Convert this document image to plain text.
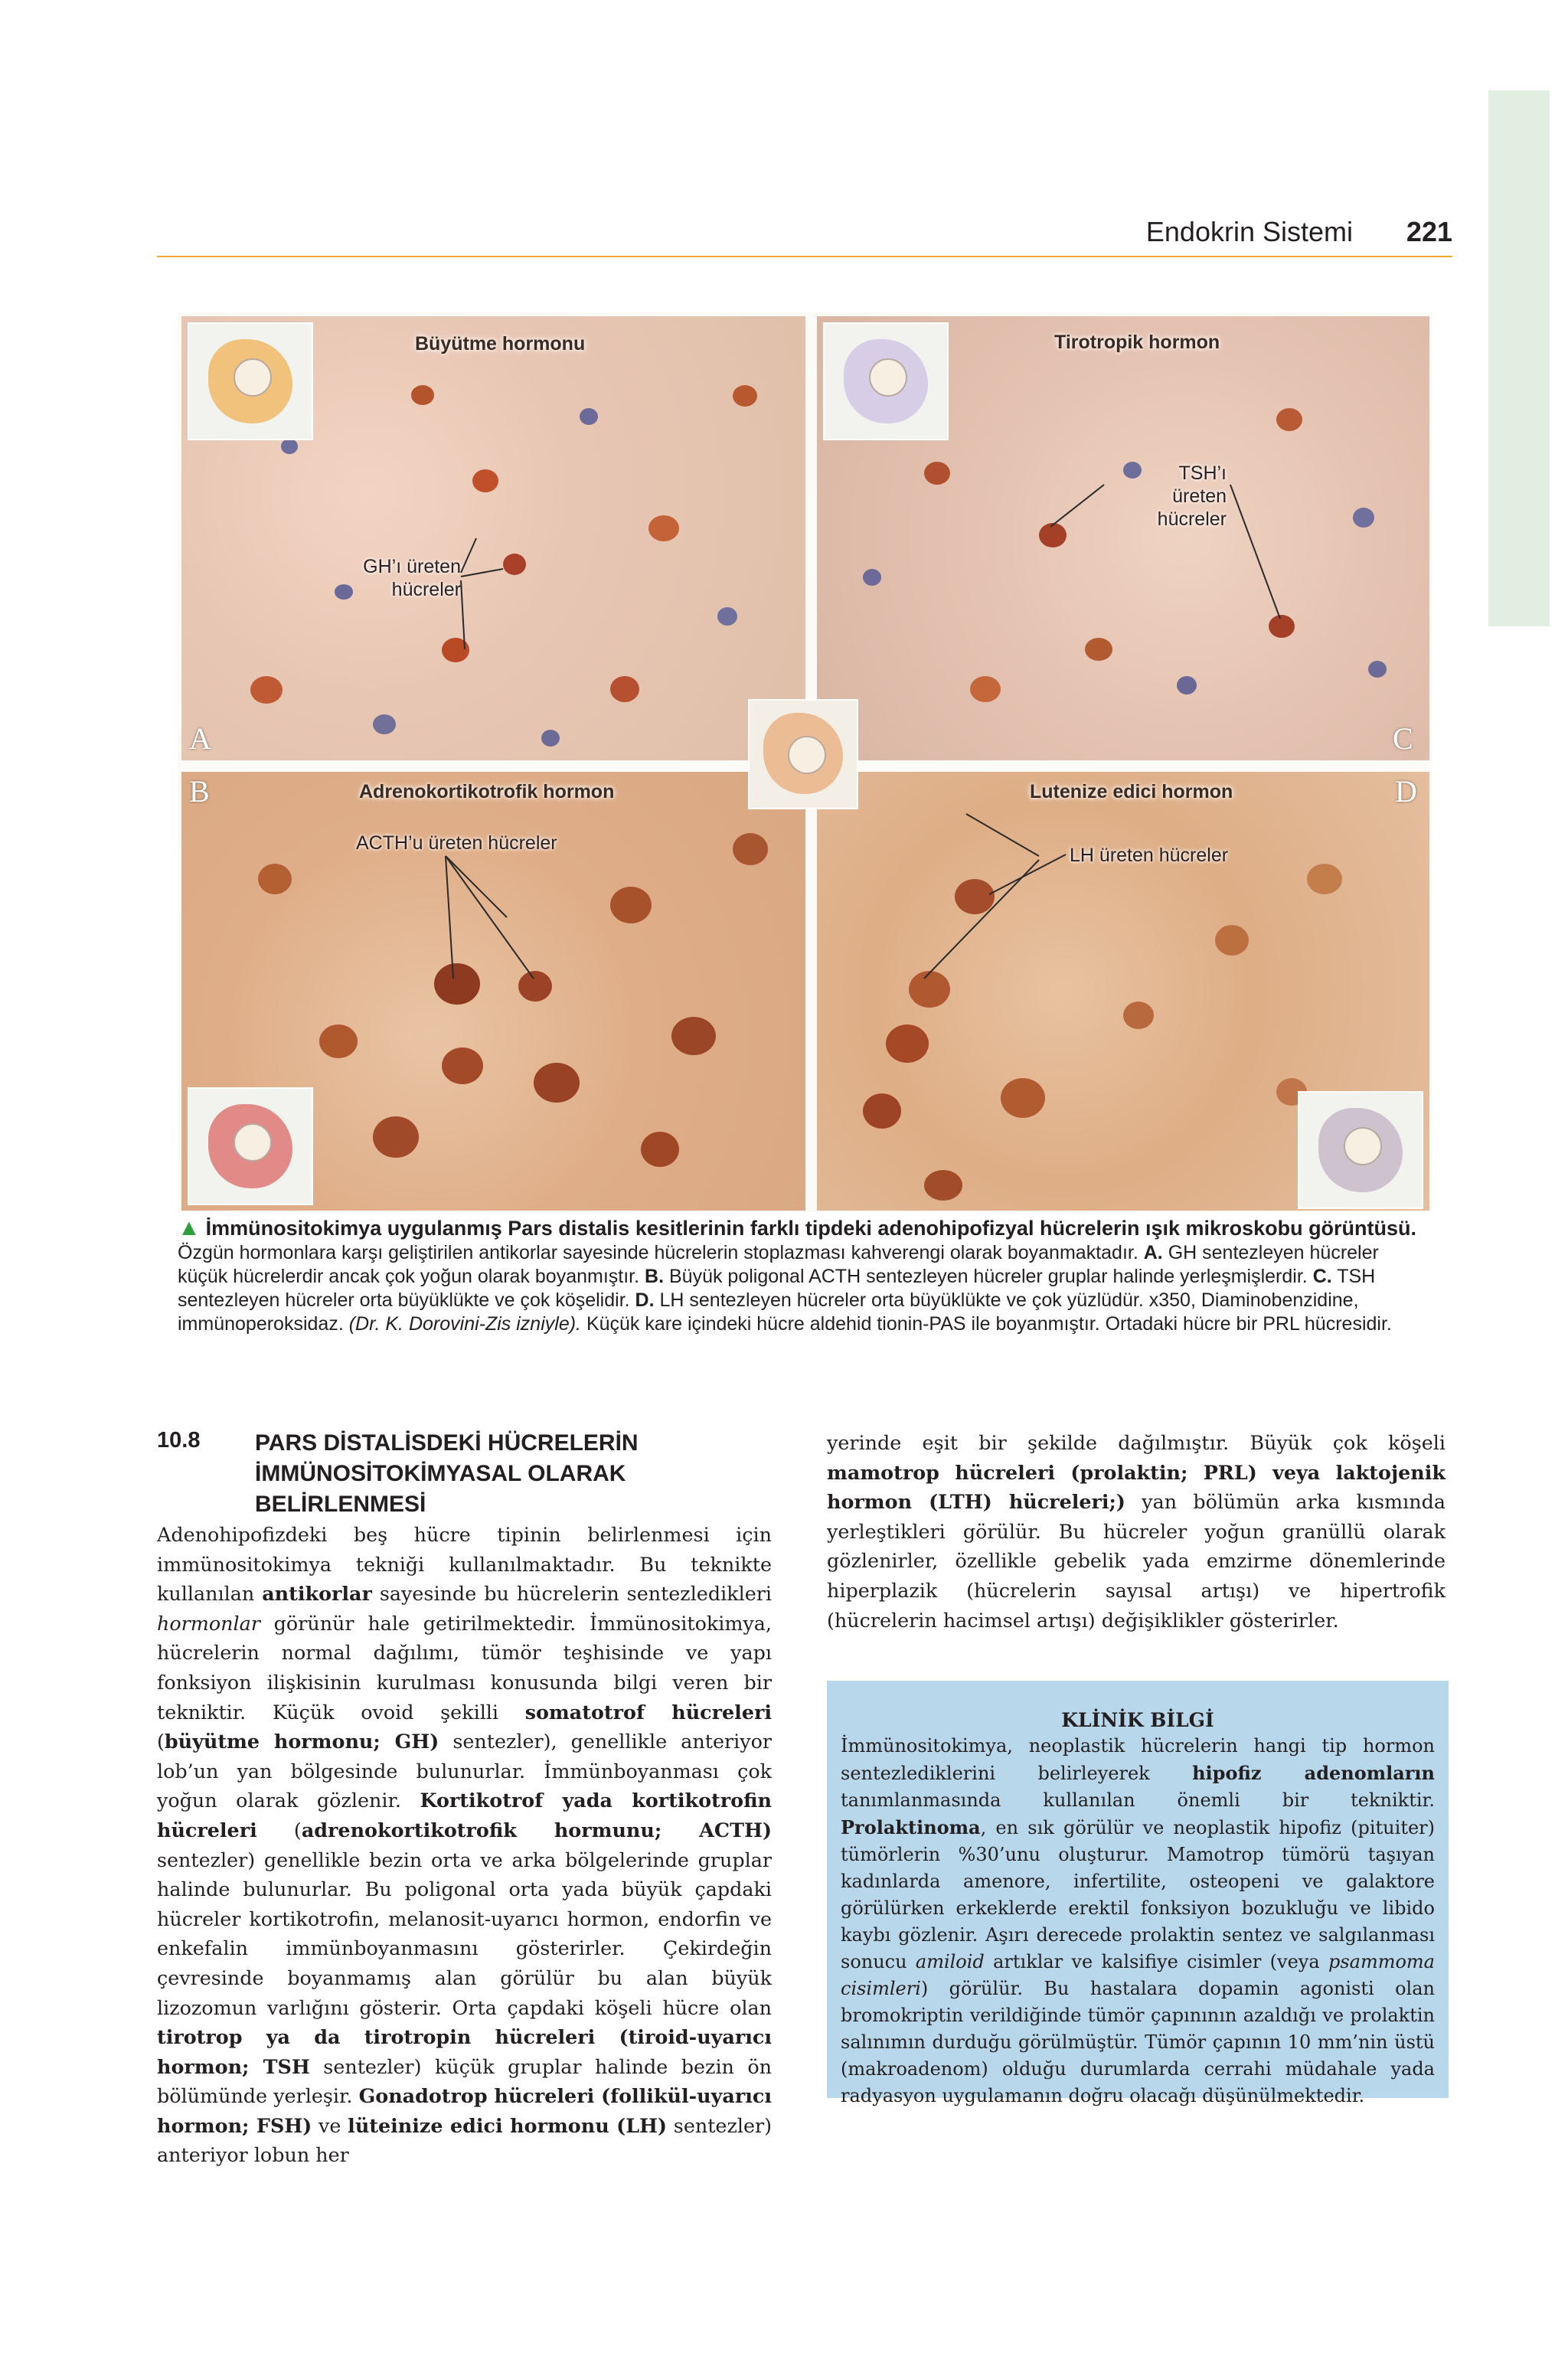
Endokrin Sistemi 221
Büyütme hormonu
GH’ı üreten
hücreler
A
Tirotropik hormon
TSH’ı
üreten
hücreler
C
Adrenokortikotrofik hormon
ACTH’u üreten hücreler
B	Lutenize edici hormon
LH üreten hücreler
D
▲ İmmünositokimya uygulanmış Pars distalis kesitlerinin farklı tipdeki adenohipofizyal hücrelerin ışık mikroskobu görüntüsü. Özgün hormonlara karşı geliştirilen antikorlar sayesinde hücrelerin stoplazması kahverengi olarak boyanmaktadır. A. GH sentezleyen hücreler küçük hücrelerdir ancak çok yoğun olarak boyanmıştır. B. Büyük poligonal ACTH sentezleyen hücreler gruplar halinde yerleşmişlerdir. C. TSH sentezleyen hücreler orta büyüklükte ve çok köşelidir. D. LH sentezleyen hücreler orta büyüklükte ve çok yüzlüdür. x350, Diaminobenzidine, immünoperoksidaz. (Dr. K. Dorovini-Zis izniyle). Küçük kare içindeki hücre aldehid tionin-PAS ile boyanmıştır. Ortadaki hücre bir PRL hücresidir.
10.8 PARS DİSTALİSDEKİ HÜCRELERİN
İMMÜNOSİTOKİMYASAL OLARAK
BELİRLENMESİ

Adenohipofizdeki beş hücre tipinin belirlenmesi için immünositokimya tekniği kullanılmaktadır. Bu teknikte kullanılan antikorlar sayesinde bu hücrelerin sentezledikleri hormonlar görünür hale getirilmektedir. İmmünositokimya, hücrelerin normal dağılımı, tümör teşhisinde ve yapı fonksiyon ilişkisinin kurulması konusunda bilgi veren bir tekniktir. Küçük ovoid şekilli somatotrof hücreleri (büyütme hormonu; GH) sentezler), genellikle anteriyor lob’un yan bölgesinde bulunurlar. İmmünboyanması çok yoğun olarak gözlenir. Kortikotrof yada kortikotrofin hücreleri (adrenokortikotrofik hormunu; ACTH) sentezler) genellikle bezin orta ve arka bölgelerinde gruplar halinde bulunurlar. Bu poligonal orta yada büyük çapdaki hücreler kortikotrofin, melanosit-uyarıcı hormon, endorfin ve enkefalin immünboyanmasını gösterirler. Çekirdeğin çevresinde boyanmamış alan görülür bu alan büyük lizozomun varlığını gösterir. Orta çapdaki köşeli hücre olan tirotrop ya da tirotropin hücreleri (tiroid-uyarıcı hormon; TSH sentezler) küçük gruplar halinde bezin ön bölümünde yerleşir. Gonadotrop hücreleri (follikül-uyarıcı hormon; FSH) ve lüteinize edici hormonu (LH) sentezler) anteriyor lobun her

yerinde eşit bir şekilde dağılmıştır. Büyük çok köşeli mamotrop hücreleri (prolaktin; PRL) veya laktojenik hormon (LTH) hücreleri;) yan bölümün arka kısmında yerleştikleri görülür. Bu hücreler yoğun granüllü olarak gözlenirler, özellikle gebelik yada emzirme dönemlerinde hiperplazik (hücrelerin sayısal artışı) ve hipertrofik (hücrelerin hacimsel artışı) değişiklikler gösterirler.

KLİNİK BİLGİ
İmmünositokimya, neoplastik hücrelerin hangi tip hormon sentezlediklerini belirleyerek hipofiz adenomların tanımlanmasında kullanılan önemli bir tekniktir. Prolaktinoma, en sık görülür ve neoplastik hipofiz (pituiter) tümörlerin %30’unu oluşturur. Mamotrop tümörü taşıyan kadınlarda amenore, infertilite, osteopeni ve galaktore görülürken erkeklerde erektil fonksiyon bozukluğu ve libido kaybı gözlenir. Aşırı derecede prolaktin sentez ve salgılanması sonucu amiloid artıklar ve kalsifiye cisimler (veya psammoma cisimleri) görülür. Bu hastalara dopamin agonisti olan bromokriptin verildiğinde tümör çapınının azaldığı ve prolaktin salınımın durduğu görülmüştür. Tümör çapının 10 mm’nin üstü (makroadenom) olduğu durumlarda cerrahi müdahale yada radyasyon uygulamanın doğru olacağı düşünülmektedir.
